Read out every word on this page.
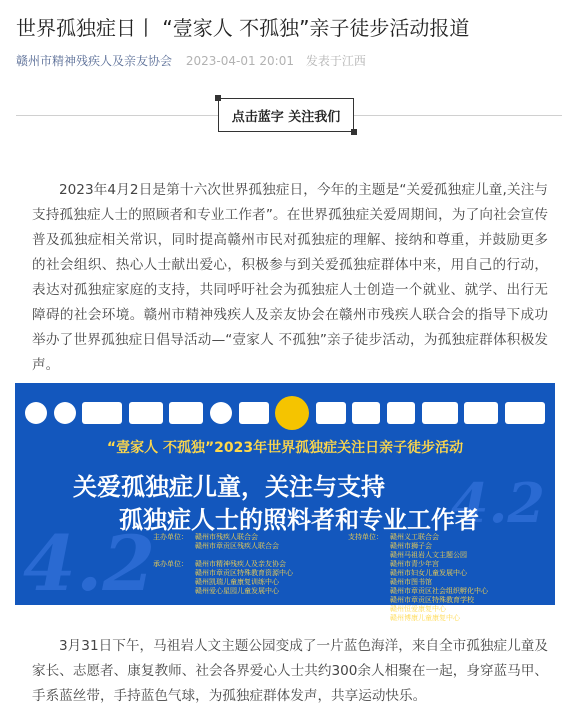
世界孤独症日丨 “壹家人 不孤独”亲子徒步活动报道
赣州市精神残疾人及亲友协会 2023-04-01 20:01 发表于江西
点击蓝字 关注我们

2023年4月2日是第十六次世界孤独症日，今年的主题是“关爱孤独症儿童,关注与支持孤独症人士的照顾者和专业工作者”。在世界孤独症关爱周期间，为了向社会宣传普及孤独症相关常识，同时提高赣州市民对孤独症的理解、接纳和尊重，并鼓励更多的社会组织、热心人士献出爱心，积极参与到关爱孤独症群体中来，用自己的行动，表达对孤独症家庭的支持，共同呼吁社会为孤独症人士创造一个就业、就学、出行无障碍的社会环境。赣州市精神残疾人及亲友协会在赣州市残疾人联合会的指导下成功举办了世界孤独症日倡导活动—“壹家人 不孤独”亲子徒步活动，为孤独症群体积极发声。

4.2
4.2
“壹家人 不孤独”2023年世界孤独症关注日亲子徒步活动
关爱孤独症儿童，关注与支持
孤独症人士的照料者和专业工作者
主办单位： 赣州市残疾人联合会
赣州市章贡区残疾人联合会
承办单位： 赣州市精神残疾人及亲友协会
赣州市章贡区特殊教育资源中心
赣州凯瑞儿童康复训练中心
赣州爱心星园儿童发展中心
支持单位： 赣州义工联合会
赣州市狮子会
赣州马祖岩人文主题公园
赣州市青少年宫
赣州市妇女儿童发展中心
赣州市图书馆
赣州市章贡区社会组织孵化中心
赣州市章贡区特殊教育学校
赣州恒爱康复中心
赣州博康儿童康复中心

3月31日下午，马祖岩人文主题公园变成了一片蓝色海洋，来自全市孤独症儿童及家长、志愿者、康复教师、社会各界爱心人士共约300余人相聚在一起，身穿蓝马甲、手系蓝丝带，手持蓝色气球，为孤独症群体发声，共享运动快乐。
